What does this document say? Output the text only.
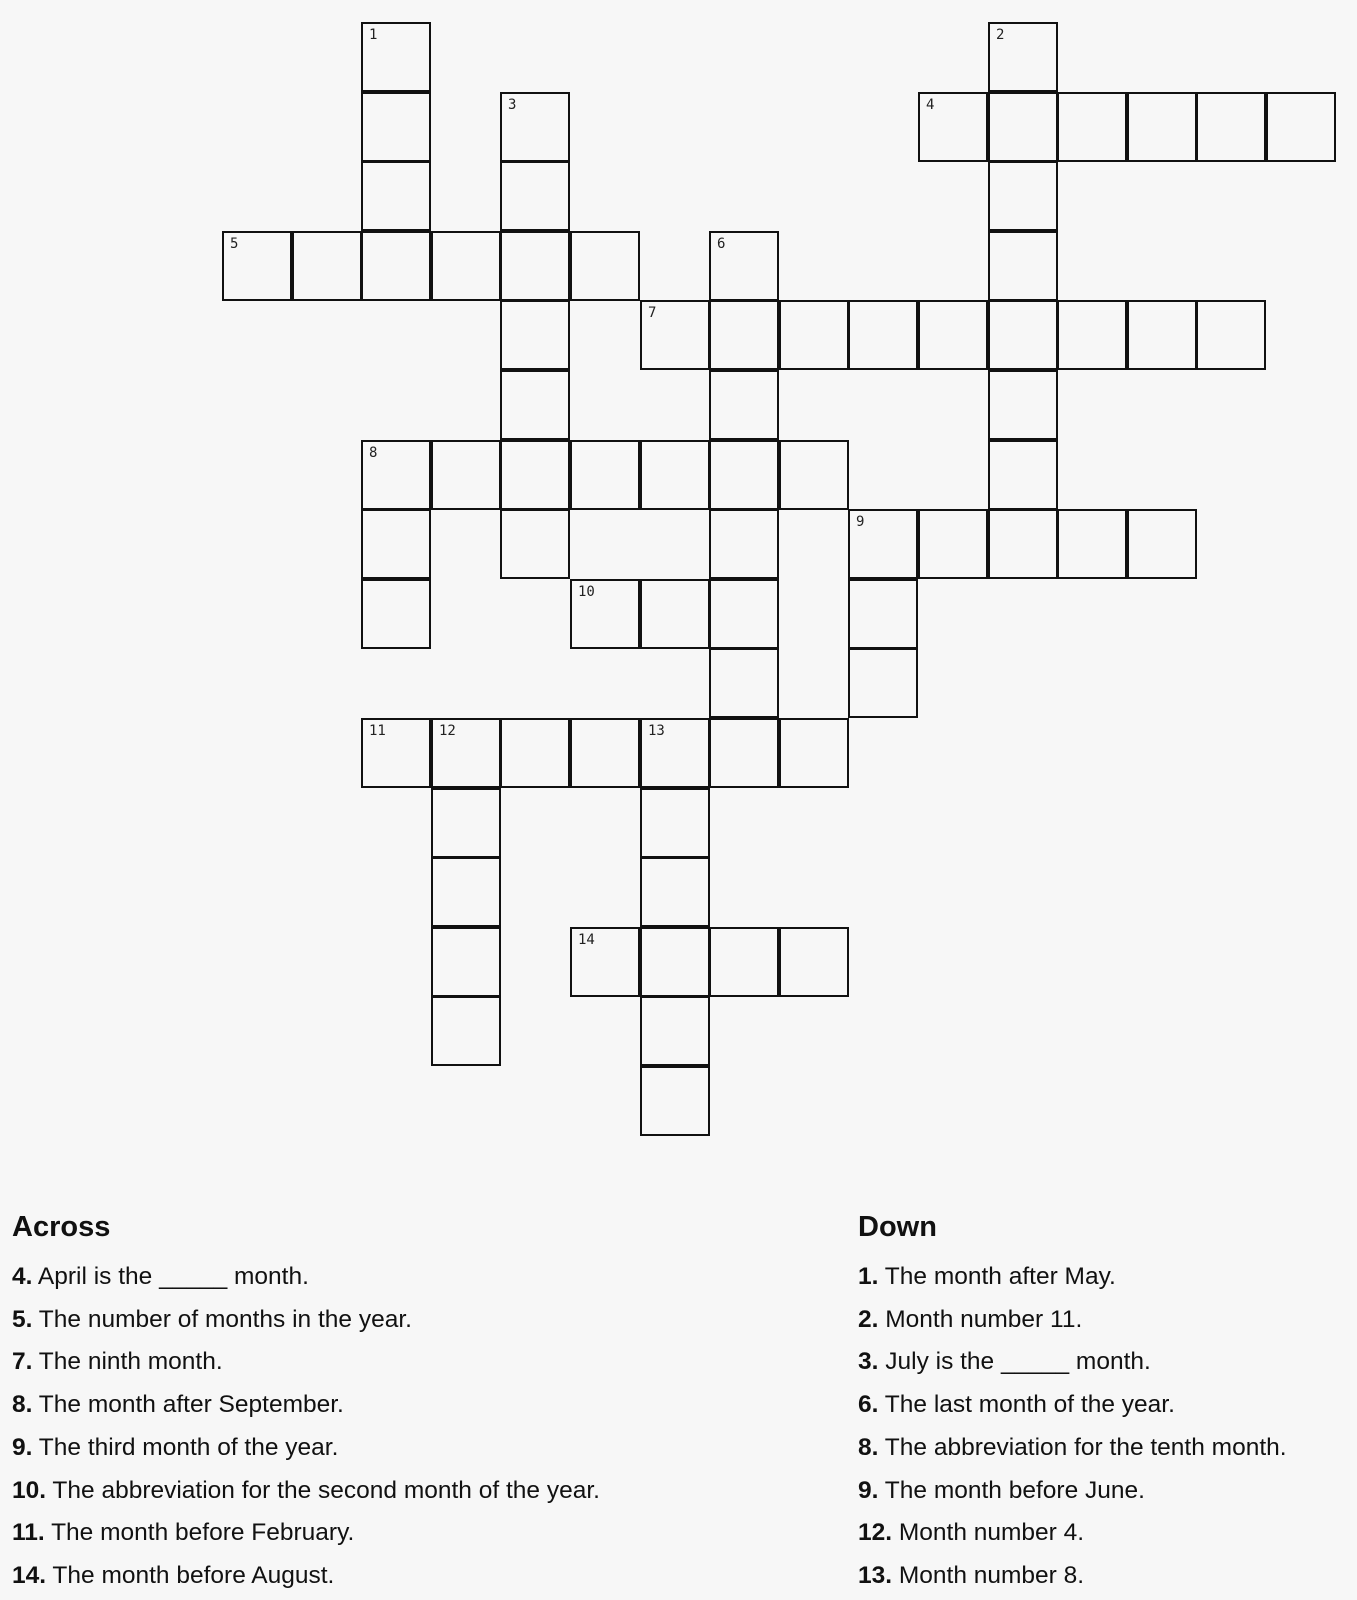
1	2
4
3
5	6
7
8
9
10
11	12	13
14
Across
4. April is the _____ month.
5. The number of months in the year.
7. The ninth month.
8. The month after September.
9. The third month of the year.
10. The abbreviation for the second month of the year.
11. The month before February.
14. The month before August.
Down
1. The month after May.
2. Month number 11.
3. July is the _____ month.
6. The last month of the year.
8. The abbreviation for the tenth month.
9. The month before June.
12. Month number 4.
13. Month number 8.
